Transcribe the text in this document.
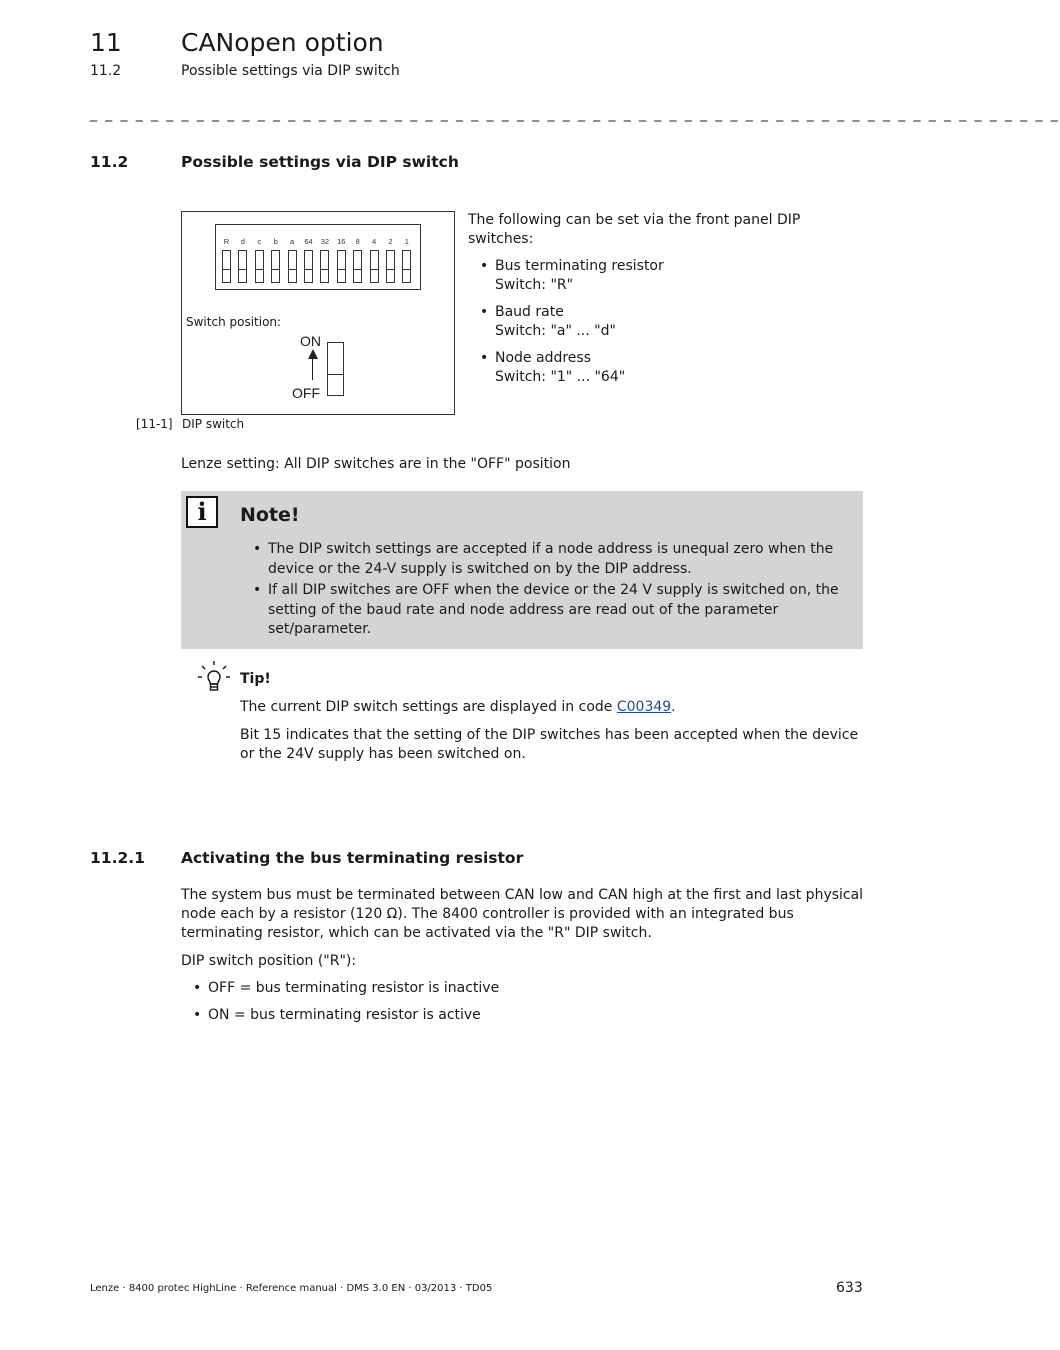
11 CANopen option
11.2	Possible settings via DIP switch
_ _ _ _ _ _ _ _ _ _ _ _ _ _ _ _ _ _ _ _ _ _ _ _ _ _ _ _ _ _ _ _ _ _ _ _ _ _ _ _ _ _ _ _ _ _ _ _ _ _ _ _ _ _ _ _ _ _ _ _ _ _ _ _
11.2	Possible settings via DIP switch
R	d	c	b	a	64	32	16	8	4	2	1
Switch position:
ON
OFF
[11-1] DIP switch
The following can be set via the front panel DIP switches:
• Bus terminating resistor
Switch: "R"
• Baud rate
Switch: "a" ... "d"
• Node address
Switch: "1" ... "64"
Lenze setting: All DIP switches are in the "OFF" position
i	Note!
• The DIP switch settings are accepted if a node address is unequal zero when the device or the 24-V supply is switched on by the DIP address.
• If all DIP switches are OFF when the device or the 24 V supply is switched on, the setting of the baud rate and node address are read out of the parameter set/parameter.
Tip!
The current DIP switch settings are displayed in code C00349.
Bit 15 indicates that the setting of the DIP switches has been accepted when the device or the 24V supply has been switched on.
11.2.1 Activating the bus terminating resistor
The system bus must be terminated between CAN low and CAN high at the first and last physical node each by a resistor (120 Ω). The 8400 controller is provided with an integrated bus terminating resistor, which can be activated via the "R" DIP switch.
DIP switch position ("R"):
• OFF = bus terminating resistor is inactive
• ON = bus terminating resistor is active
Lenze · 8400 protec HighLine · Reference manual · DMS 3.0 EN · 03/2013 · TD05	633
